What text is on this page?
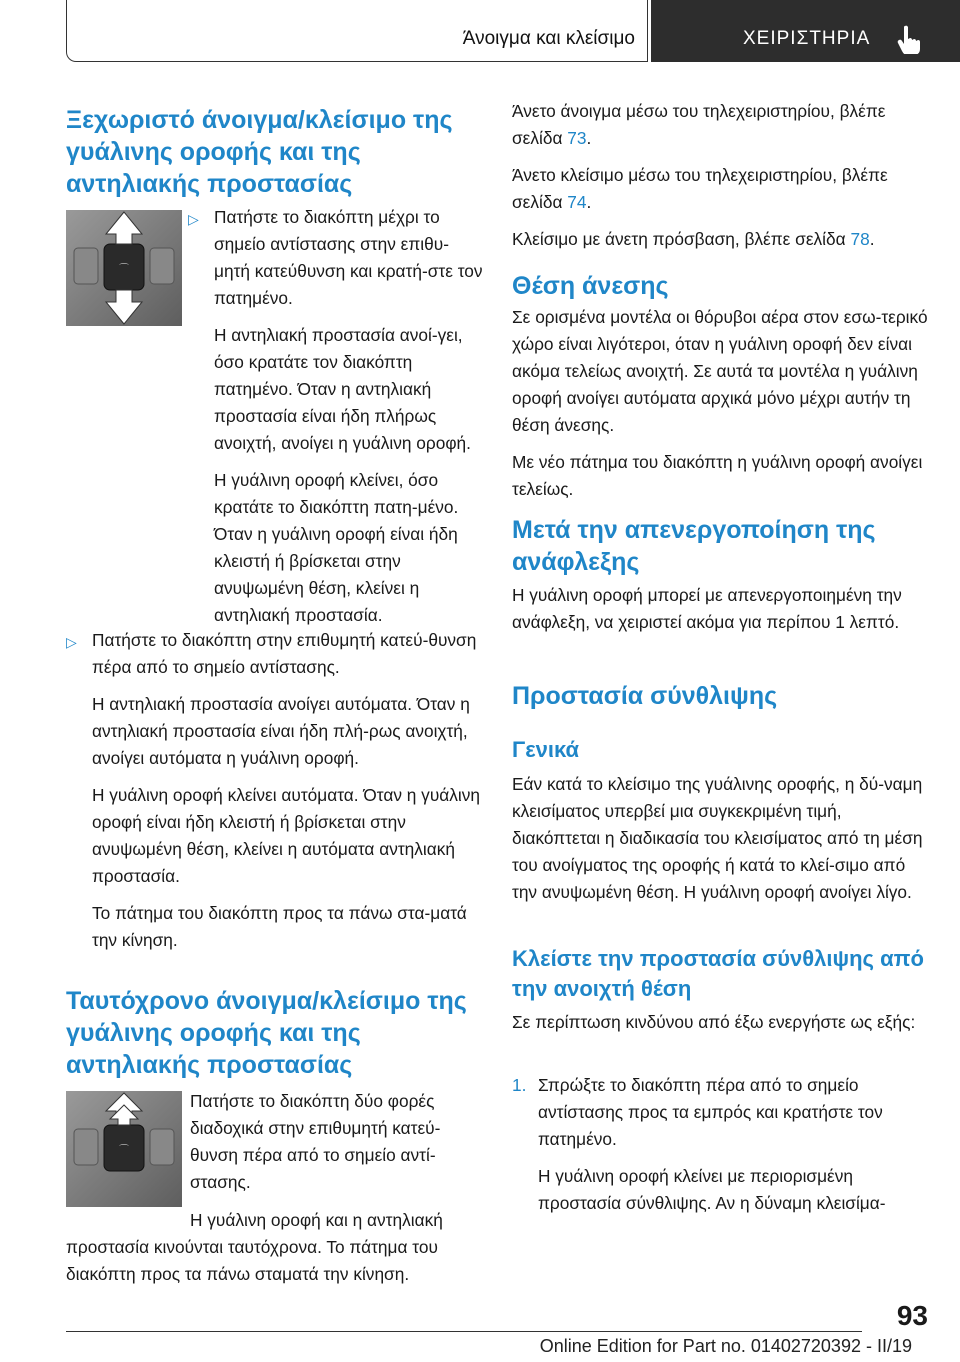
Άνοιγμα και κλείσιμο	ΧΕΙΡΙΣΤΗΡΙΑ
Ξεχωριστό άνοιγμα/κλείσιμο της γυάλινης οροφής και της αντηλιακής προστασίας
⌒
▷ Πατήστε το διακόπτη μέχρι το σημείο αντίστασης στην επιθυ-μητή κατεύθυνση και κρατή-στε τον πατημένο.
Η αντηλιακή προστασία ανοί-γει, όσο κρατάτε τον διακόπτη πατημένο. Όταν η αντηλιακή προστασία είναι ήδη πλήρως ανοιχτή, ανοίγει η γυάλινη οροφή.
Η γυάλινη οροφή κλείνει, όσο κρατάτε το διακόπτη πατη-μένο. Όταν η γυάλινη οροφή είναι ήδη κλειστή ή βρίσκεται στην ανυψωμένη θέση, κλείνει η αντηλιακή προστασία.
▷ Πατήστε το διακόπτη στην επιθυμητή κατεύ-θυνση πέρα από το σημείο αντίστασης.
Η αντηλιακή προστασία ανοίγει αυτόματα. Όταν η αντηλιακή προστασία είναι ήδη πλή-ρως ανοιχτή, ανοίγει αυτόματα η γυάλινη οροφή.
Η γυάλινη οροφή κλείνει αυτόματα. Όταν η γυάλινη οροφή είναι ήδη κλειστή ή βρίσκεται στην ανυψωμένη θέση, κλείνει η αυτόματα αντηλιακή προστασία.
Το πάτημα του διακόπτη προς τα πάνω στα-ματά την κίνηση.
Ταυτόχρονο άνοιγμα/κλείσιμο της γυάλινης οροφής και της αντηλιακής προστασίας
⌒
Πατήστε το διακόπτη δύο φορές διαδοχικά στην επιθυμητή κατεύ-θυνση πέρα από το σημείο αντί-στασης.
Η γυάλινη οροφή και η αντηλιακή
προστασία κινούνται ταυτόχρονα. Το πάτημα του διακόπτη προς τα πάνω σταματά την κίνηση.
Άνετο άνοιγμα μέσω του τηλεχειριστηρίου, βλέπε σελίδα 73.
Άνετο κλείσιμο μέσω του τηλεχειριστηρίου, βλέπε σελίδα 74.
Κλείσιμο με άνετη πρόσβαση, βλέπε σελίδα 78.
Θέση άνεσης
Σε ορισμένα μοντέλα οι θόρυβοι αέρα στον εσω-τερικό χώρο είναι λιγότεροι, όταν η γυάλινη οροφή δεν είναι ακόμα τελείως ανοιχτή. Σε αυτά τα μοντέλα η γυάλινη οροφή ανοίγει αυτόματα αρχικά μόνο μέχρι αυτήν τη θέση άνεσης.
Με νέο πάτημα του διακόπτη η γυάλινη οροφή ανοίγει τελείως.
Μετά την απενεργοποίηση της ανάφλεξης
Η γυάλινη οροφή μπορεί με απενεργοποιημένη την ανάφλεξη, να χειριστεί ακόμα για περίπου 1 λεπτό.
Προστασία σύνθλιψης
Γενικά
Εάν κατά το κλείσιμο της γυάλινης οροφής, η δύ-ναμη κλεισίματος υπερβεί μια συγκεκριμένη τιμή, διακόπτεται η διαδικασία του κλεισίματος από τη μέση του ανοίγματος της οροφής ή κατά το κλεί-σιμο από την ανυψωμένη θέση. Η γυάλινη οροφή ανοίγει λίγο.
Κλείστε την προστασία σύνθλιψης από την ανοιχτή θέση
Σε περίπτωση κινδύνου από έξω ενεργήστε ως εξής:
1. Σπρώξτε το διακόπτη πέρα από το σημείο αντίστασης προς τα εμπρός και κρατήστε τον πατημένο.
Η γυάλινη οροφή κλείνει με περιορισμένη προστασία σύνθλιψης. Αν η δύναμη κλεισίμα-
93
Online Edition for Part no. 01402720392 - II/19
